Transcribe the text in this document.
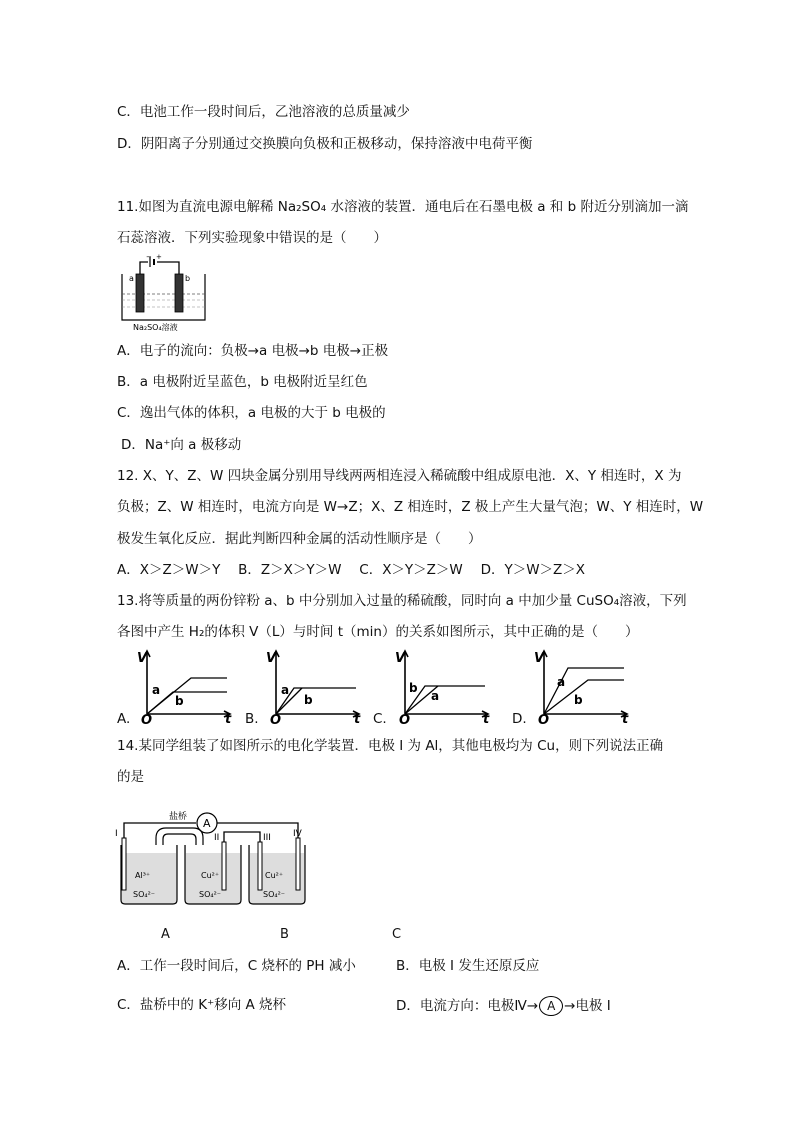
C．电池工作一段时间后，乙池溶液的总质量减少
D．阴阳离子分别通过交换膜向负极和正极移动，保持溶液中电荷平衡
11.如图为直流电源电解稀 Na₂SO₄ 水溶液的装置．通电后在石墨电极 a 和 b 附近分别滴加一滴
石蕊溶液．下列实验现象中错误的是（　　）
− +
a	b
Na₂SO₄溶液
A．电子的流向：负极→a 电极→b 电极→正极
B．a 电极附近呈蓝色，b 电极附近呈红色
C．逸出气体的体积，a 电极的大于 b 电极的
D．Na⁺向 a 极移动
12. X、Y、Z、W 四块金属分别用导线两两相连浸入稀硫酸中组成原电池．X、Y 相连时，X 为
负极；Z、W 相连时，电流方向是 W→Z；X、Z 相连时，Z 极上产生大量气泡；W、Y 相连时，W
极发生氧化反应．据此判断四种金属的活动性顺序是（　　）
A．X＞Z＞W＞Y　 B．Z＞X＞Y＞W　 C．X＞Y＞Z＞W　 D．Y＞W＞Z＞X
13.将等质量的两份锌粉 a、b 中分别加入过量的稀硫酸，同时向 a 中加少量 CuSO₄溶液，下列
各图中产生 H₂的体积 V（L）与时间 t（min）的关系如图所示，其中正确的是（　　）
A.
V
t
O
a
b
B.
V
t
O
a
b
C.
V
t
O
b
a
D.
V
t
O
a
b
14.某同学组装了如图所示的电化学装置．电极 I 为 Al，其他电极均为 Cu，则下列说法正确
的是
A
盐桥
I	II	III IV
Al³⁺
SO₄²⁻
Cu²⁺
SO₄²⁻
Cu²⁺
SO₄²⁻
A	B	C
A．工作一段时间后，C 烧杯的 PH 减小	B．电极 I 发生还原反应
C．盐桥中的 K⁺移向 A 烧杯	D．电流方向：电极Ⅳ→ A →电极 I
